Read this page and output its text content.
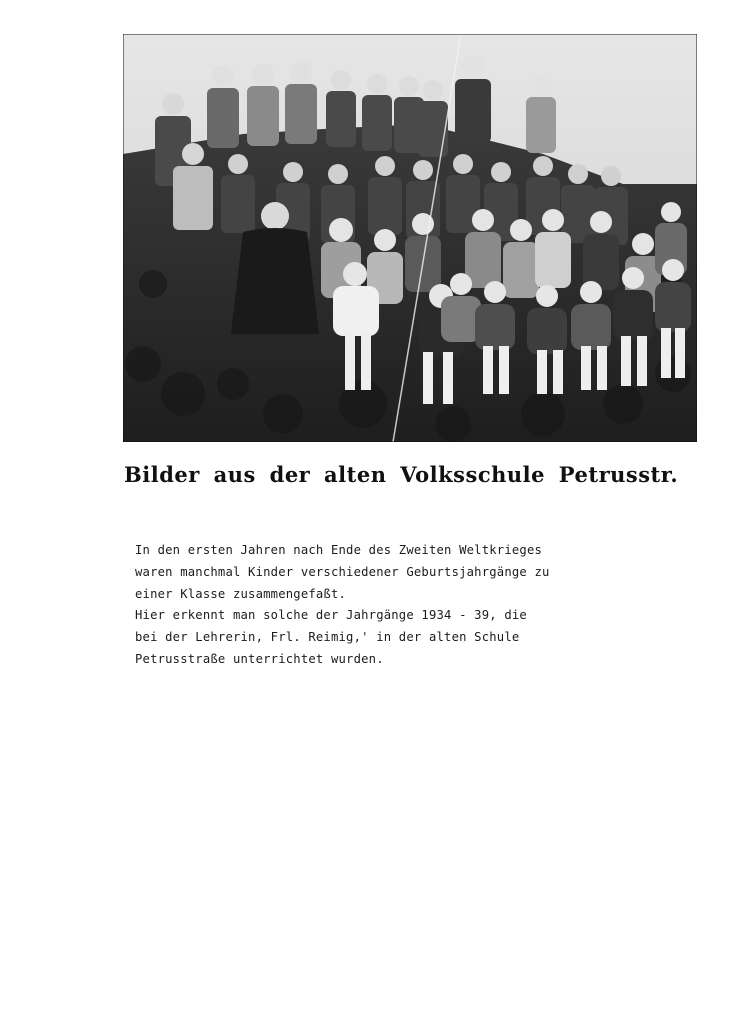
Bilder aus der alten Volksschule Petrusstr.
In den ersten Jahren nach Ende des Zweiten Weltkrieges
waren manchmal Kinder verschiedener Geburtsjahrgänge zu
einer Klasse zusammengefaßt.
Hier erkennt man solche der Jahrgänge 1934 - 39, die
bei der Lehrerin, Frl. Reimig,' in der alten Schule
Petrusstraße unterrichtet wurden.
